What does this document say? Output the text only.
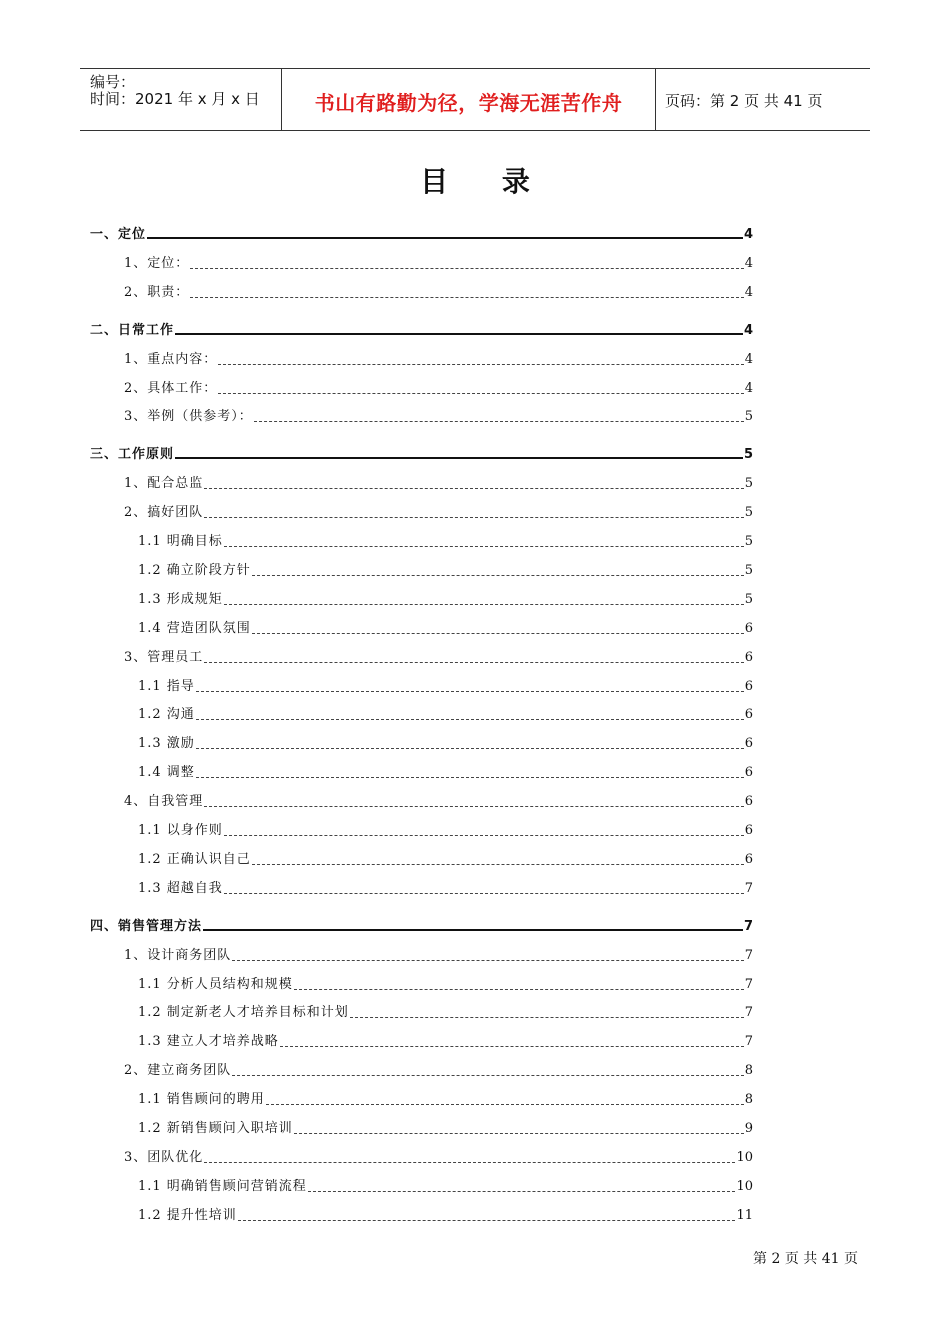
编号：
时间：2021 年 x 月 x 日	书山有路勤为径，学海无涯苦作舟	页码：第 2 页 共 41 页
目 录
一、定位	4
1、定位：	4
2、职责：	4
二、日常工作	4
1、重点内容：	4
2、具体工作：	4
3、举例（供参考）：	5
三、工作原则	5
1、配合总监	5
2、搞好团队	5
1.1 明确目标	5
1.2 确立阶段方针	5
1.3 形成规矩	5
1.4 营造团队氛围	6
3、管理员工	6
1.1 指导	6
1.2 沟通	6
1.3 激励	6
1.4 调整	6
4、自我管理	6
1.1 以身作则	6
1.2 正确认识自己	6
1.3 超越自我	7
四、销售管理方法	7
1、设计商务团队	7
1.1 分析人员结构和规模	7
1.2 制定新老人才培养目标和计划	7
1.3 建立人才培养战略	7
2、建立商务团队	8
1.1 销售顾问的聘用	8
1.2 新销售顾问入职培训	9
3、团队优化	10
1.1 明确销售顾问营销流程	10
1.2 提升性培训	11
第 2 页 共 41 页
